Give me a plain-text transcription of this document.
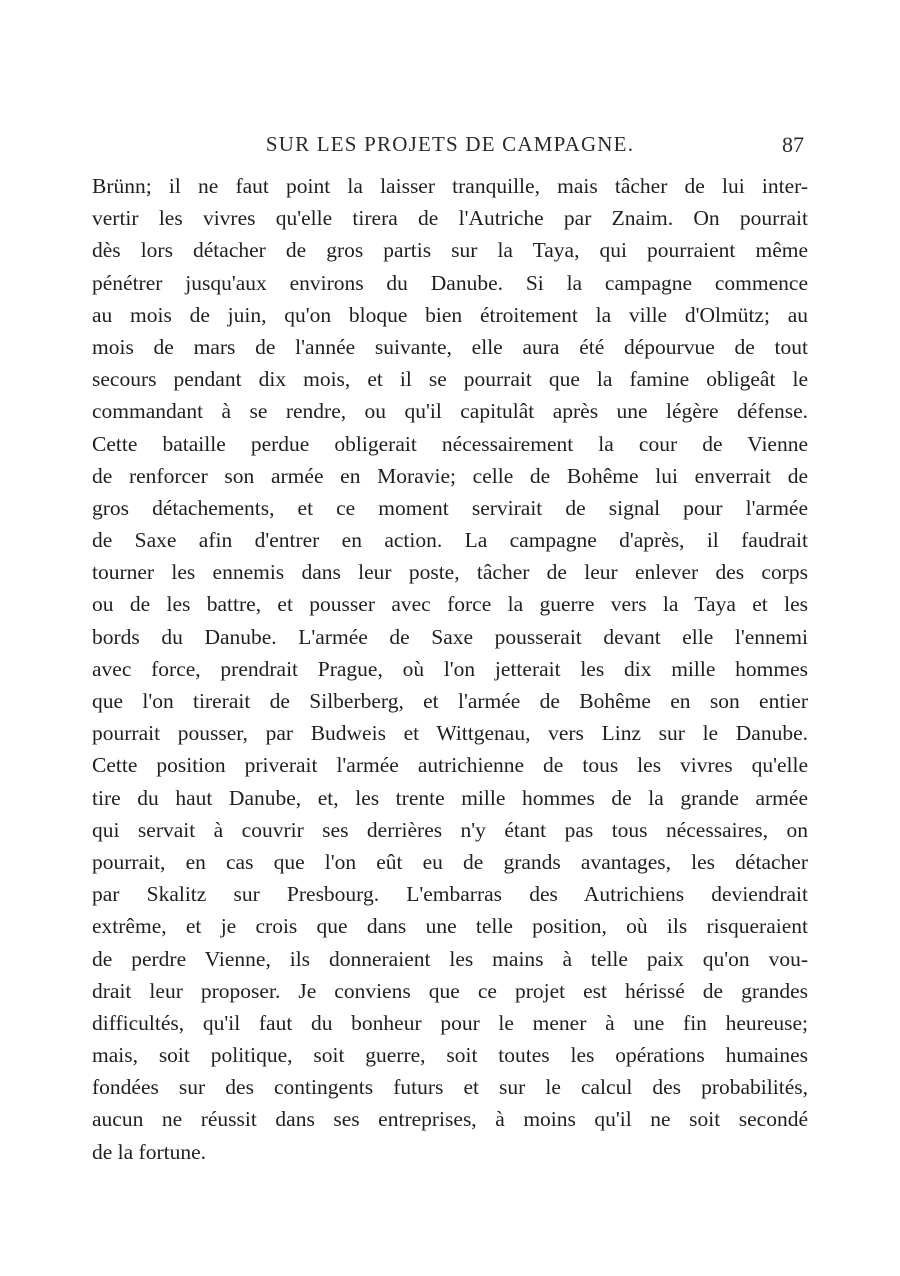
SUR LES PROJETS DE CAMPAGNE.	87
Brünn; il ne faut point la laisser tranquille, mais tâcher de lui inter-
vertir les vivres qu'elle tirera de l'Autriche par Znaim. On pourrait
dès lors détacher de gros partis sur la Taya, qui pourraient même
pénétrer jusqu'aux environs du Danube. Si la campagne commence
au mois de juin, qu'on bloque bien étroitement la ville d'Olmütz; au
mois de mars de l'année suivante, elle aura été dépourvue de tout
secours pendant dix mois, et il se pourrait que la famine obligeât le
commandant à se rendre, ou qu'il capitulât après une légère défense.
Cette bataille perdue obligerait nécessairement la cour de Vienne
de renforcer son armée en Moravie; celle de Bohême lui enverrait de
gros détachements, et ce moment servirait de signal pour l'armée
de Saxe afin d'entrer en action. La campagne d'après, il faudrait
tourner les ennemis dans leur poste, tâcher de leur enlever des corps
ou de les battre, et pousser avec force la guerre vers la Taya et les
bords du Danube. L'armée de Saxe pousserait devant elle l'ennemi
avec force, prendrait Prague, où l'on jetterait les dix mille hommes
que l'on tirerait de Silberberg, et l'armée de Bohême en son entier
pourrait pousser, par Budweis et Wittgenau, vers Linz sur le Danube.
Cette position priverait l'armée autrichienne de tous les vivres qu'elle
tire du haut Danube, et, les trente mille hommes de la grande armée
qui servait à couvrir ses derrières n'y étant pas tous nécessaires, on
pourrait, en cas que l'on eût eu de grands avantages, les détacher
par Skalitz sur Presbourg. L'embarras des Autrichiens deviendrait
extrême, et je crois que dans une telle position, où ils risqueraient
de perdre Vienne, ils donneraient les mains à telle paix qu'on vou-
drait leur proposer. Je conviens que ce projet est hérissé de grandes
difficultés, qu'il faut du bonheur pour le mener à une fin heureuse;
mais, soit politique, soit guerre, soit toutes les opérations humaines
fondées sur des contingents futurs et sur le calcul des probabilités,
aucun ne réussit dans ses entreprises, à moins qu'il ne soit secondé
de la fortune.
